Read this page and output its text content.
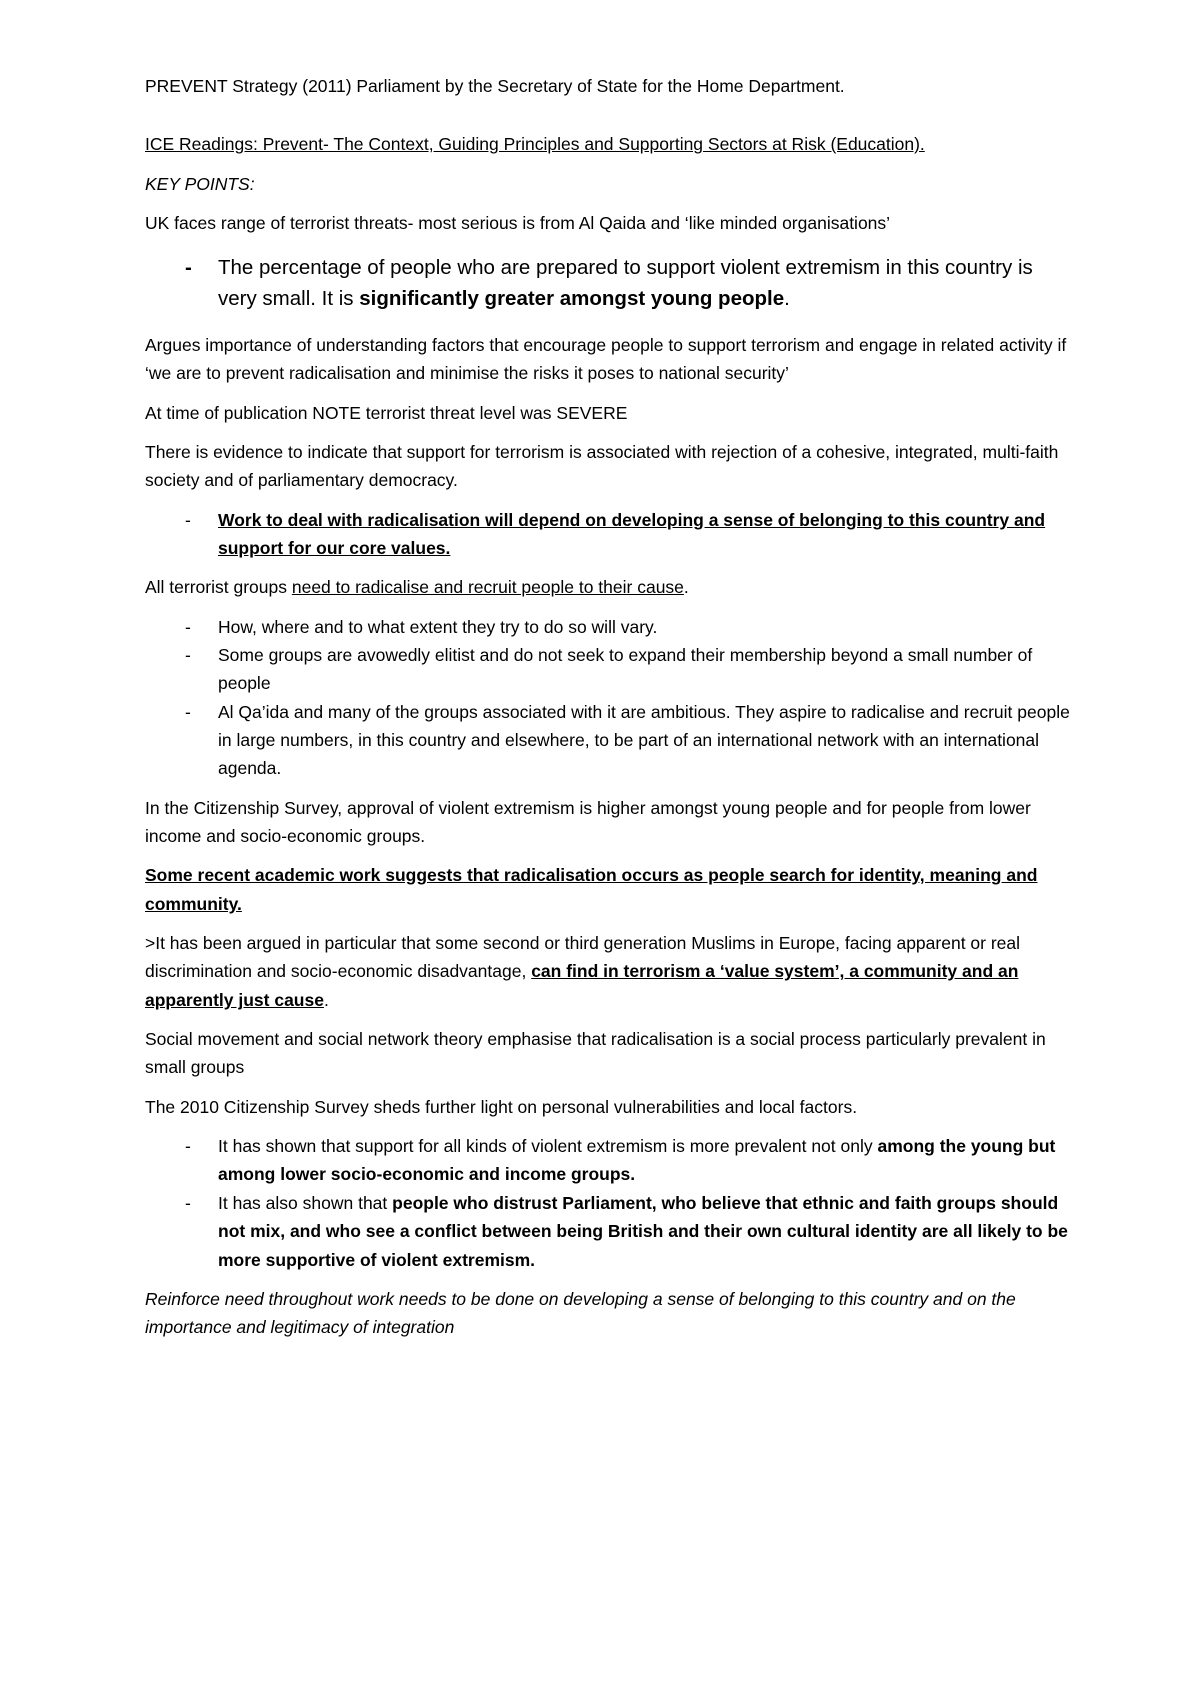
PREVENT Strategy (2011) Parliament by the Secretary of State for the Home Department.

ICE Readings: Prevent- The Context, Guiding Principles and Supporting Sectors at Risk (Education).

KEY POINTS:

UK faces range of terrorist threats- most serious is from Al Qaida and ‘like minded organisations’

- The percentage of people who are prepared to support violent extremism in this country is very small. It is significantly greater amongst young people.

Argues importance of understanding factors that encourage people to support terrorism and engage in related activity if ‘we are to prevent radicalisation and minimise the risks it poses to national security’

At time of publication NOTE terrorist threat level was SEVERE

There is evidence to indicate that support for terrorism is associated with rejection of a cohesive, integrated, multi-faith society and of parliamentary democracy.

- Work to deal with radicalisation will depend on developing a sense of belonging to this country and support for our core values.

All terrorist groups need to radicalise and recruit people to their cause.

- How, where and to what extent they try to do so will vary.
- Some groups are avowedly elitist and do not seek to expand their membership beyond a small number of people
- Al Qa’ida and many of the groups associated with it are ambitious. They aspire to radicalise and recruit people in large numbers, in this country and elsewhere, to be part of an international network with an international agenda.

In the Citizenship Survey, approval of violent extremism is higher amongst young people and for people from lower income and socio-economic groups.

Some recent academic work suggests that radicalisation occurs as people search for identity, meaning and community.

>It has been argued in particular that some second or third generation Muslims in Europe, facing apparent or real discrimination and socio-economic disadvantage, can find in terrorism a ‘value system’, a community and an apparently just cause.

Social movement and social network theory emphasise that radicalisation is a social process particularly prevalent in small groups

The 2010 Citizenship Survey sheds further light on personal vulnerabilities and local factors.

- It has shown that support for all kinds of violent extremism is more prevalent not only among the young but among lower socio-economic and income groups.
- It has also shown that people who distrust Parliament, who believe that ethnic and faith groups should not mix, and who see a conflict between being British and their own cultural identity are all likely to be more supportive of violent extremism.

Reinforce need throughout work needs to be done on developing a sense of belonging to this country and on the importance and legitimacy of integration
